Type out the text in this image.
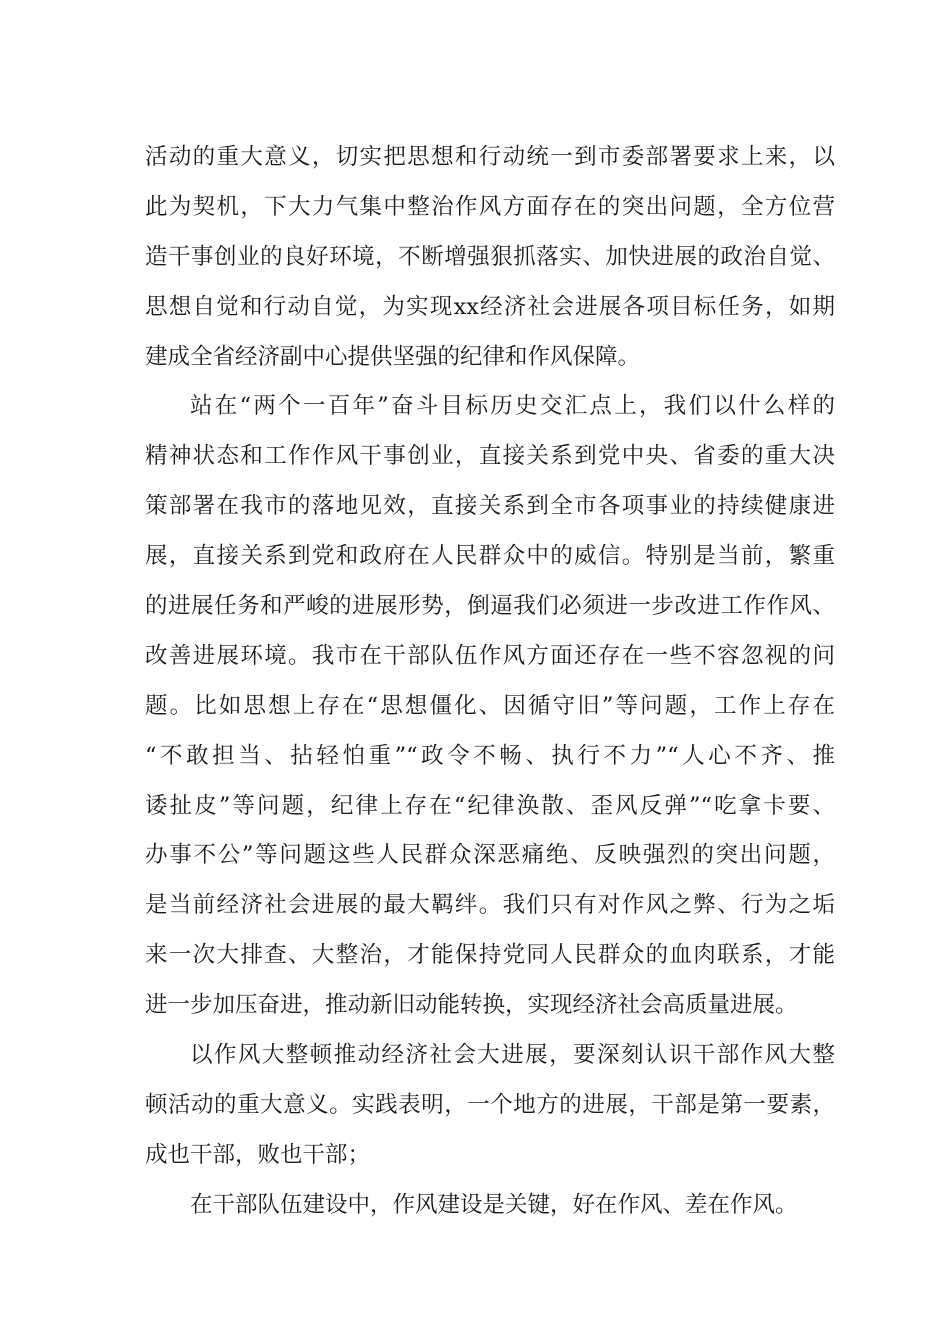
活动的重大意义，切实把思想和行动统一到市委部署要求上来，以
此为契机，下大力气集中整治作风方面存在的突出问题，全方位营
造干事创业的良好环境，不断增强狠抓落实、加快进展的政治自觉、
思想自觉和行动自觉，为实现xx经济社会进展各项目标任务，如期
建成全省经济副中心提供坚强的纪律和作风保障。
站在“两个一百年”奋斗目标历史交汇点上，我们以什么样的
精神状态和工作作风干事创业，直接关系到党中央、省委的重大决
策部署在我市的落地见效，直接关系到全市各项事业的持续健康进
展，直接关系到党和政府在人民群众中的威信。特别是当前，繁重
的进展任务和严峻的进展形势，倒逼我们必须进一步改进工作作风、
改善进展环境。我市在干部队伍作风方面还存在一些不容忽视的问
题。比如思想上存在“思想僵化、因循守旧”等问题，工作上存在
“不敢担当、拈轻怕重”“政令不畅、执行不力”“人心不齐、推
诿扯皮”等问题，纪律上存在“纪律涣散、歪风反弹”“吃拿卡要、
办事不公”等问题这些人民群众深恶痛绝、反映强烈的突出问题，
是当前经济社会进展的最大羁绊。我们只有对作风之弊、行为之垢
来一次大排查、大整治，才能保持党同人民群众的血肉联系，才能
进一步加压奋进，推动新旧动能转换，实现经济社会高质量进展。
以作风大整顿推动经济社会大进展，要深刻认识干部作风大整
顿活动的重大意义。实践表明，一个地方的进展，干部是第一要素，
成也干部，败也干部；
在干部队伍建设中，作风建设是关键，好在作风、差在作风。
